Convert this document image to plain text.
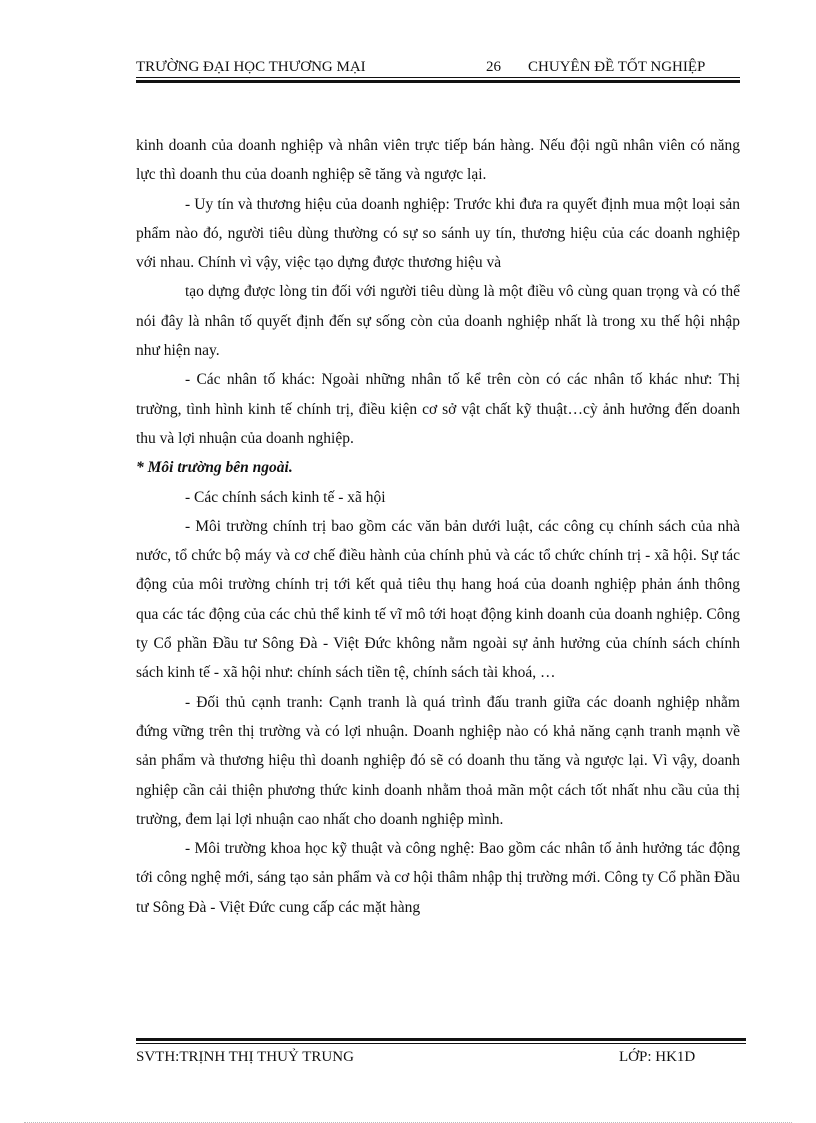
TRƯỜNG ĐẠI HỌC THƯƠNG MẠI	26 CHUYÊN ĐỀ TỐT NGHIỆP

kinh doanh của doanh nghiệp và nhân viên trực tiếp bán hàng. Nếu đội ngũ nhân viên có năng lực thì doanh thu của doanh nghiệp sẽ tăng và ngược lại.

- Uy tín và thương hiệu của doanh nghiệp: Trước khi đưa ra quyết định mua một loại sản phẩm nào đó, người tiêu dùng thường có sự so sánh uy tín, thương hiệu của các doanh nghiệp với nhau. Chính vì vậy, việc tạo dựng được thương hiệu và

tạo dựng được lòng tin đối với người tiêu dùng là một điều vô cùng quan trọng và có thể nói đây là nhân tố quyết định đến sự sống còn của doanh nghiệp nhất là trong xu thế hội nhập như hiện nay.

- Các nhân tố khác: Ngoài những nhân tố kể trên còn có các nhân tố khác như: Thị trường, tình hình kinh tế chính trị, điều kiện cơ sở vật chất kỹ thuật…cỳ ảnh hưởng đến doanh thu và lợi nhuận của doanh nghiệp.

* Môi trường bên ngoài.

- Các chính sách kinh tế - xã hội

- Môi trường chính trị bao gồm các văn bản dưới luật, các công cụ chính sách của nhà nước, tổ chức bộ máy và cơ chế điều hành của chính phủ và các tổ chức chính trị - xã hội. Sự tác động của môi trường chính trị tới kết quả tiêu thụ hang hoá của doanh nghiệp phản ánh thông qua các tác động của các chủ thể kinh tế vĩ mô tới hoạt động kinh doanh của doanh nghiệp. Công ty Cổ phần Đầu tư Sông Đà - Việt Đức không nằm ngoài sự ảnh hưởng của chính sách chính sách kinh tế - xã hội như: chính sách tiền tệ, chính sách tài khoá, …

- Đối thủ cạnh tranh: Cạnh tranh là quá trình đấu tranh giữa các doanh nghiệp nhằm đứng vững trên thị trường và có lợi nhuận. Doanh nghiệp nào có khả năng cạnh tranh mạnh về sản phẩm và thương hiệu thì doanh nghiệp đó sẽ có doanh thu tăng và ngược lại. Vì vậy, doanh nghiệp cần cải thiện phương thức kinh doanh nhằm thoả mãn một cách tốt nhất nhu cầu của thị trường, đem lại lợi nhuận cao nhất cho doanh nghiệp mình.

- Môi trường khoa học kỹ thuật và công nghệ: Bao gồm các nhân tố ảnh hưởng tác động tới công nghệ mới, sáng tạo sản phẩm và cơ hội thâm nhập thị trường mới. Công ty Cổ phần Đầu tư Sông Đà - Việt Đức cung cấp các mặt hàng

SVTH:TRỊNH THỊ THUỶ TRUNG	LỚP: HK1D
